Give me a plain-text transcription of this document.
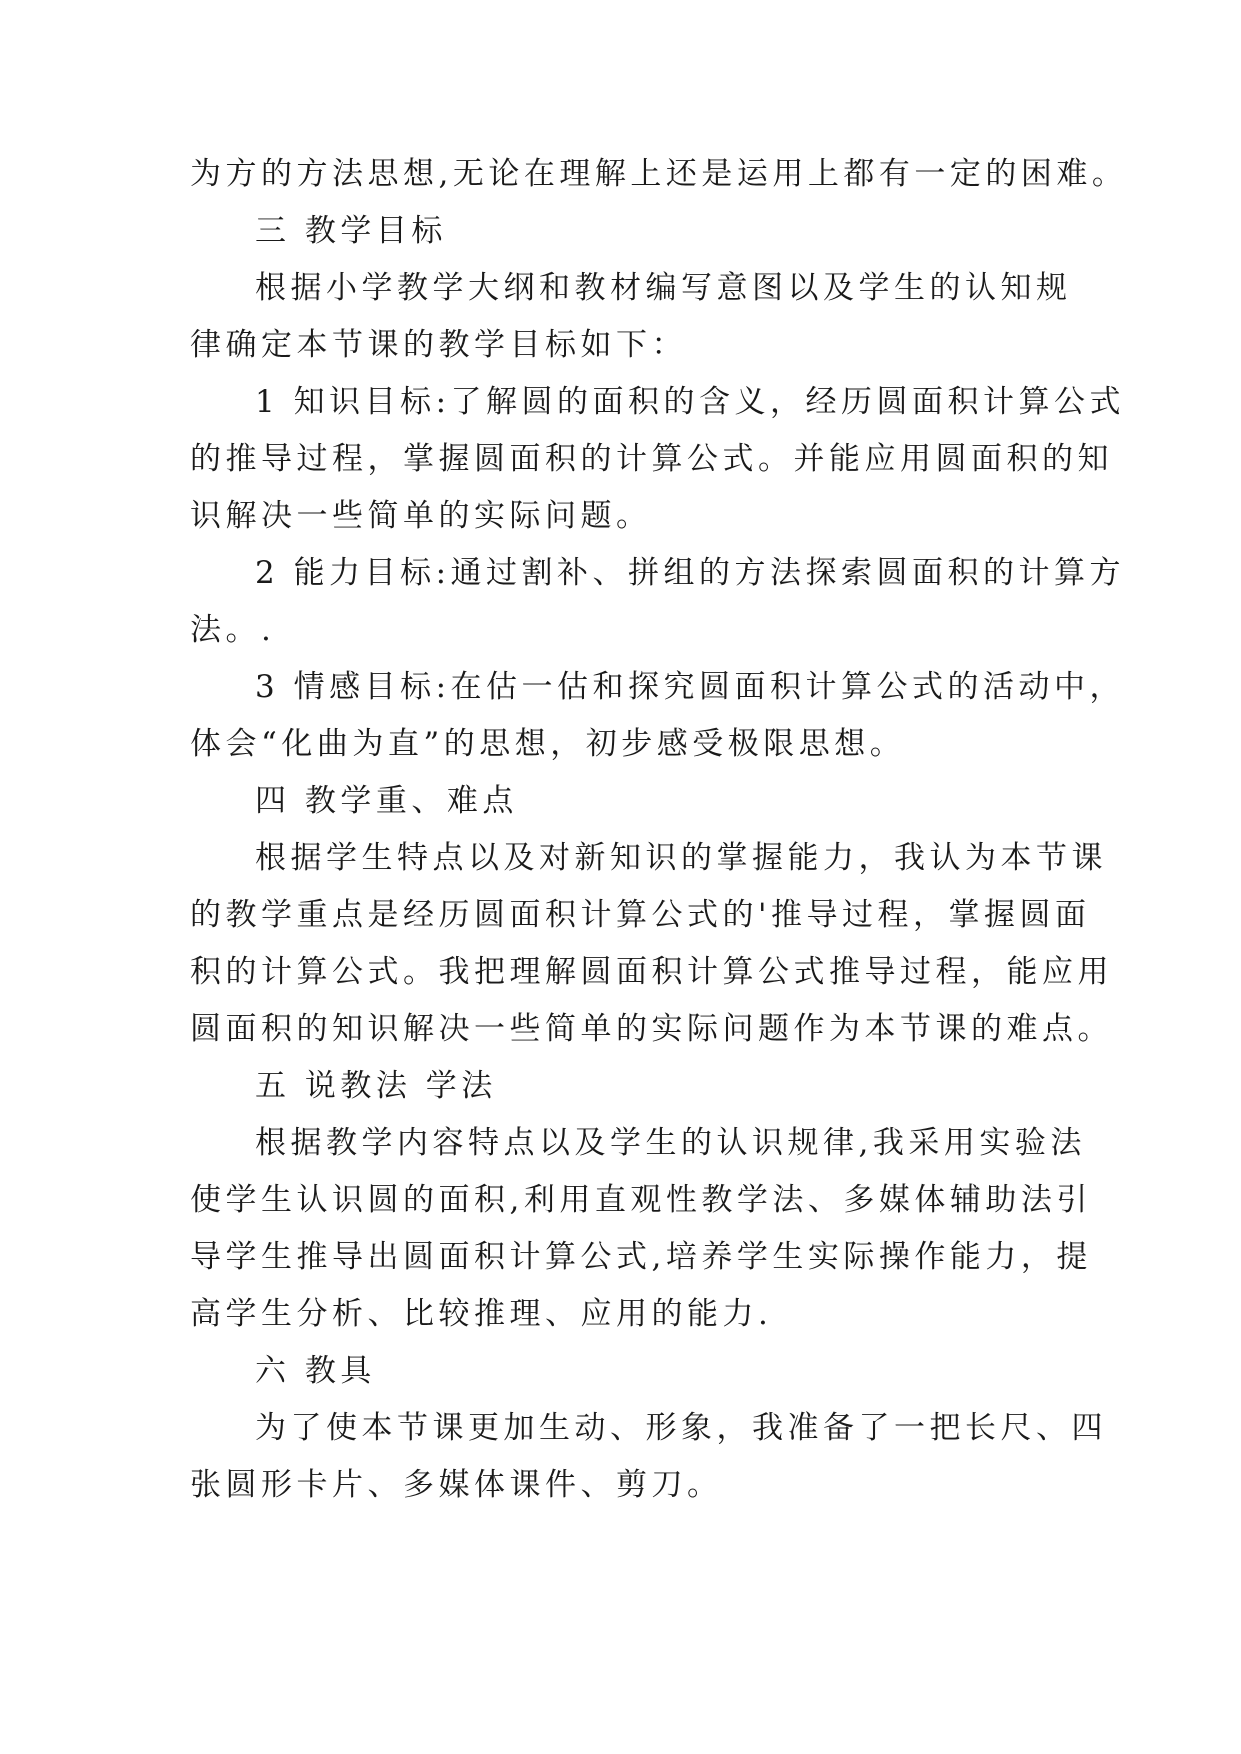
为方的方法思想,无论在理解上还是运用上都有一定的困难。
三 教学目标
根据小学教学大纲和教材编写意图以及学生的认知规
律确定本节课的教学目标如下：
1 知识目标:了解圆的面积的含义，经历圆面积计算公式
的推导过程，掌握圆面积的计算公式。并能应用圆面积的知
识解决一些简单的实际问题。
2 能力目标:通过割补、拼组的方法探索圆面积的计算方
法。.
3 情感目标:在估一估和探究圆面积计算公式的活动中，
体会“化曲为直”的思想，初步感受极限思想。
四 教学重、难点
根据学生特点以及对新知识的掌握能力，我认为本节课
的教学重点是经历圆面积计算公式的'推导过程，掌握圆面
积的计算公式。我把理解圆面积计算公式推导过程，能应用
圆面积的知识解决一些简单的实际问题作为本节课的难点。
五 说教法 学法
根据教学内容特点以及学生的认识规律,我采用实验法
使学生认识圆的面积,利用直观性教学法、多媒体辅助法引
导学生推导出圆面积计算公式,培养学生实际操作能力，提
高学生分析、比较推理、应用的能力.
六 教具
为了使本节课更加生动、形象，我准备了一把长尺、四
张圆形卡片、多媒体课件、剪刀。
